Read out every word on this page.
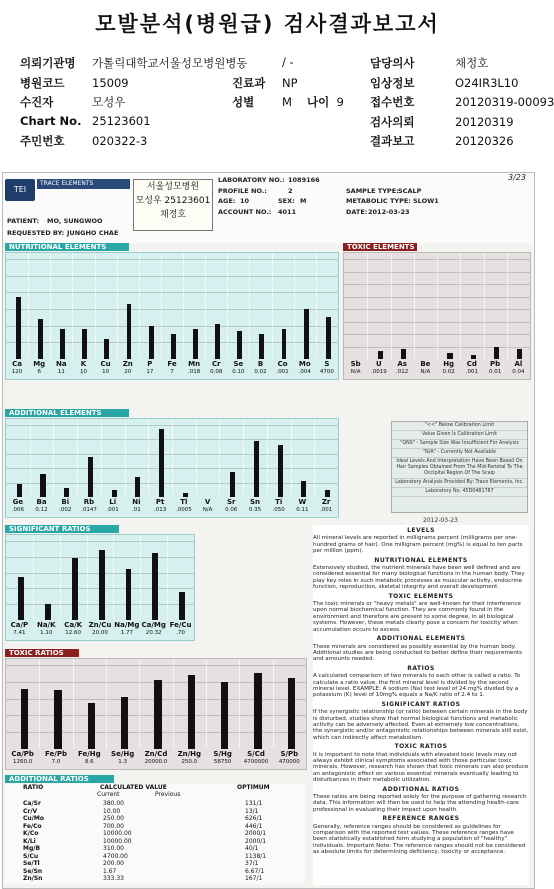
모발분석(병원급) 검사결과보고서
의뢰기관명 가톨릭대학교서울성모병원병동
병원코드 15009
수진자	모성우
Chart No. 25123601
주민번호 020322-3
/ -
진료과 NP
성별 M
담당의사	채정호
임상정보	O24IR3L10
접수번호	20120319-00093
검사의뢰	20120319
결과보고	20120326
나이 9
TEI
TRACE ELEMENTS	서울성모병원
모성우 25123601
채정호
LABORATORY NO.: 1089166
PROFILE NO.:	2	SAMPLE TYPE: SCALP
AGE: 10	SEX: M	METABOLIC TYPE: SLOW1
ACCOUNT NO.: 4011	DATE: 2012-03-23
3/23
PATIENT: MO, SUNGWOO
REQUESTED BY: JUNGHO CHAE
NUTRITIONAL ELEMENTS
Ca
120
Mg
6
Na
11
K
10
Cu
10
Zn
20
P
17
Fe
7
Mn
.018
Cr
0.08
Se
0.10
B
0.02
Co
.001
Mo
.004
S
4700
TOXIC ELEMENTS
Sb
N/A
U
.0019
As
.012
Be
N/A
Hg
0.02
Cd
.001
Pb
0.01
Al
0.04
ADDITIONAL ELEMENTS
Ge
.006
Ba
0.12
Bi
.002
Rb
.0147
Li
.001
Ni
.01
Pt
.013
Tl
.0005
V
N/A
Sr
0.06
Sn
0.35
Ti
.050
W
0.11
Zr
.001
2012-03-23
"<<" Below Calibration Limit
Value Given Is Calibration Limit
"QNS" - Sample Size Was Insufficient For Analysis
"N/A" - Currently Not Available
Ideal Levels And Interpretation Have Been Based On Hair Samples Obtained From The Mid-Parietal To The Occipital Region Of The Scalp
Laboratory Analysis Provided By: Trace Elements, Inc.
Laboratory No. 45D0481787
SIGNIFICANT RATIOS
Ca/P
7.41
Na/K
1.10
Ca/K
12.60
Zn/Cu
20.00
Na/Mg
1.77
Ca/Mg
20.32
Fe/Cu
.70
TOXIC RATIOS
Ca/Pb
1260.0
Fe/Pb
7.0
Fe/Hg
8.6
Se/Hg
1.3
Zn/Cd
20000.0
Zn/Hg
250.0
S/Hg
58750
S/Cd
4700000
S/Pb
470000
ADDITIONAL RATIOS
RATIO	CALCULATED VALUE	OPTIMUM
Current	Previous
Ca/Sr	380.00	131/1
Cr/V	10.00	13/1
Cu/Mo	250.00	626/1
Fe/Co	700.00	446/1
K/Co	10000.00	2000/1
K/Li	10000.00	2000/1
Mg/B	310.00	40/1
S/Cu	4700.00	1138/1
Se/Tl	200.00	37/1
Se/Sn	1.67	6.67/1
Zn/Sn	333.33	167/1
LEVELS

All mineral levels are reported in milligrams percent (milligrams per one-hundred grams of hair). One milligram percent (mg%) is equal to ten parts per million (ppm).

NUTRITIONAL ELEMENTS

Extensively studied, the nutrient minerals have been well defined and are considered essential for many biological functions in the human body. They play key roles in such metabolic processes as muscular activity, endocrine function, reproduction, skeletal integrity and overall development.

TOXIC ELEMENTS

The toxic minerals or "heavy metals" are well-known for their interference upon normal biochemical function. They are commonly found in the environment and therefore are present to some degree, in all biological systems. However, these metals clearly pose a concern for toxicity when accumulation occurs to excess.

ADDITIONAL ELEMENTS

These minerals are considered as possibly essential by the human body. Additional studies are being conducted to better define their requirements and amounts needed.

RATIOS

A calculated comparison of two minerals to each other is called a ratio. To calculate a ratio value, the first mineral level is divided by the second mineral level. EXAMPLE: A sodium (Na) test level of 24 mg% divided by a potassium (K) level of 10mg% equals a Na/K ratio of 2.4 to 1.

SIGNIFICANT RATIOS

If the synergistic relationship (or ratio) between certain minerals in the body is disturbed, studies show that normal biological functions and metabolic activity can be adversely affected. Even at extremely low concentrations, the synergistic and/or antagonistic relationships between minerals still exist, which can indirectly affect metabolism.

TOXIC RATIOS

It is important to note that individuals with elevated toxic levels may not always exhibit clinical symptoms associated with those particular toxic minerals. However, research has shown that toxic minerals can also produce an antagonistic effect on various essential minerals eventually leading to disturbances in their metabolic utilization.

ADDITIONAL RATIOS

These ratios are being reported solely for the purpose of gathering research data. This information will then be used to help the attending health-care professional in evaluating their impact upon health.

REFERENCE RANGES

Generally, reference ranges should be considered as guidelines for comparison with the reported test values. These reference ranges have been statistically established form studying a population of "healthy" individuals. Important Note: The reference ranges should not be considered as absolute limits for determining deficiency, toxicity or acceptance.
